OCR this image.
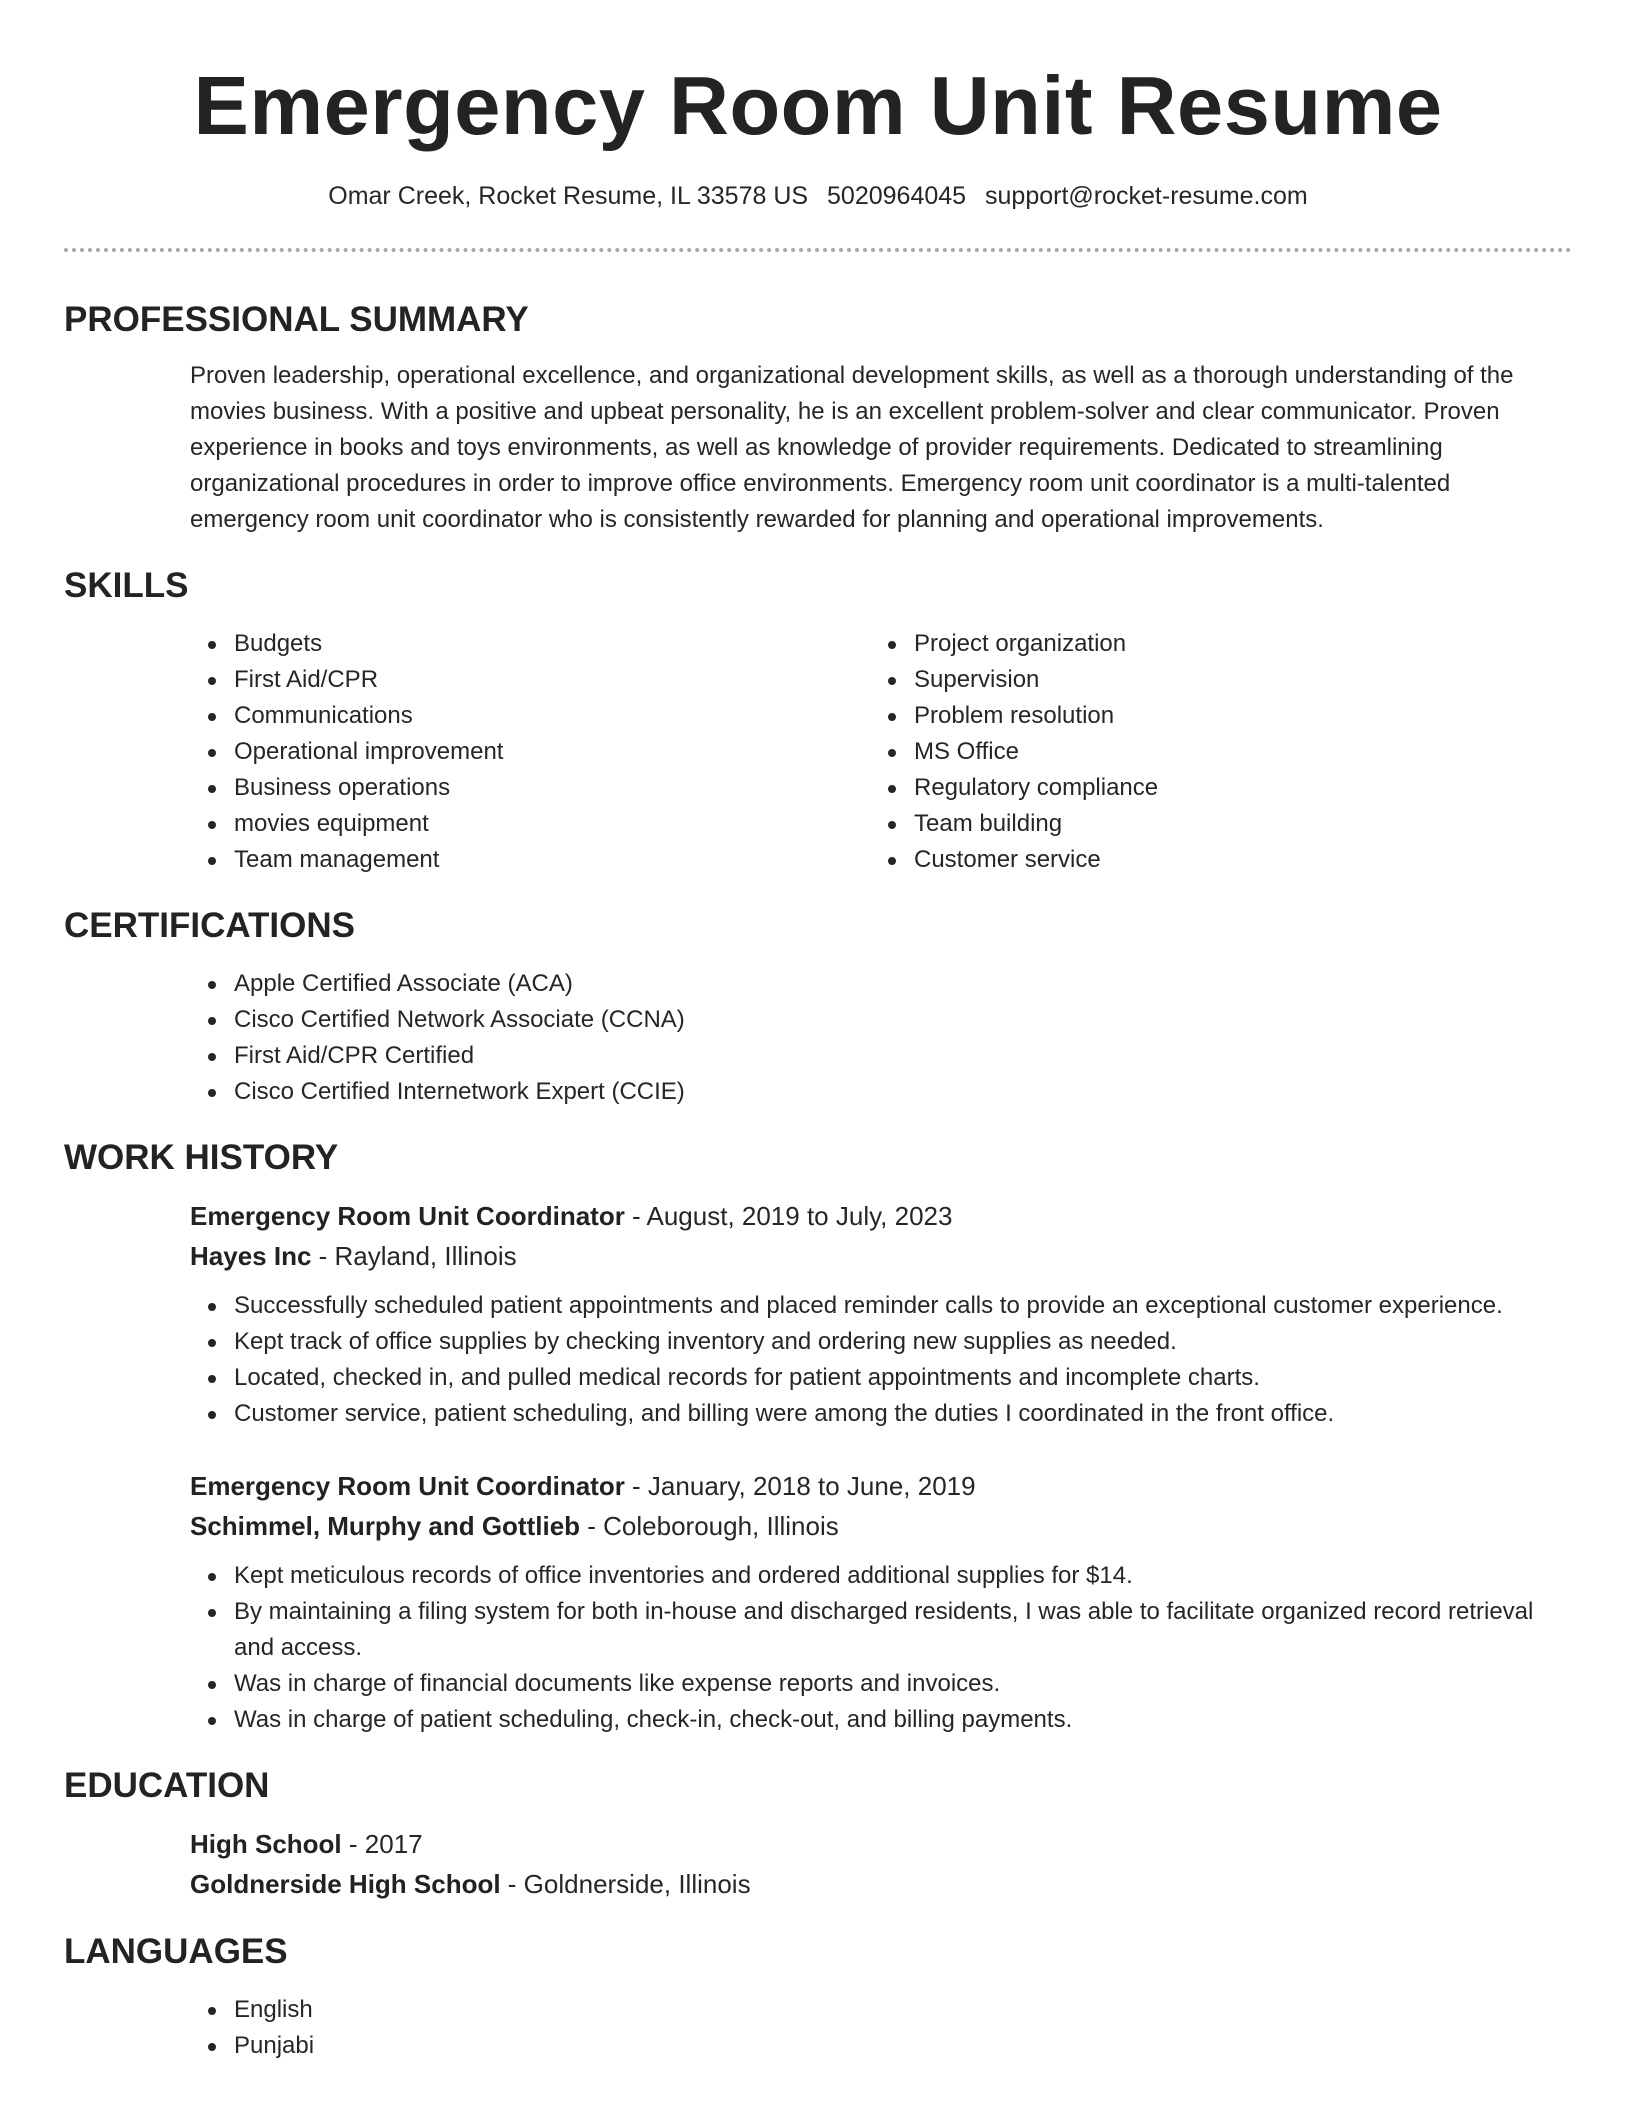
Emergency Room Unit Resume
Omar Creek, Rocket Resume, IL 33578 US 5020964045 support@rocket-resume.com
PROFESSIONAL SUMMARY

Proven leadership, operational excellence, and organizational development skills, as well as a thorough understanding of the movies business. With a positive and upbeat personality, he is an excellent problem-solver and clear communicator. Proven experience in books and toys environments, as well as knowledge of provider requirements. Dedicated to streamlining organizational procedures in order to improve office environments. Emergency room unit coordinator is a multi-talented emergency room unit coordinator who is consistently rewarded for planning and operational improvements.

SKILLS
Budgets
First Aid/CPR
Communications
Operational improvement
Business operations
movies equipment
Team management
Project organization
Supervision
Problem resolution
MS Office
Regulatory compliance
Team building
Customer service
CERTIFICATIONS
Apple Certified Associate (ACA)
Cisco Certified Network Associate (CCNA)
First Aid/CPR Certified
Cisco Certified Internetwork Expert (CCIE)
WORK HISTORY
Emergency Room Unit Coordinator - August, 2019 to July, 2023
Hayes Inc - Rayland, Illinois
Successfully scheduled patient appointments and placed reminder calls to provide an exceptional customer experience.
Kept track of office supplies by checking inventory and ordering new supplies as needed.
Located, checked in, and pulled medical records for patient appointments and incomplete charts.
Customer service, patient scheduling, and billing were among the duties I coordinated in the front office.
Emergency Room Unit Coordinator - January, 2018 to June, 2019
Schimmel, Murphy and Gottlieb - Coleborough, Illinois
Kept meticulous records of office inventories and ordered additional supplies for $14.
By maintaining a filing system for both in-house and discharged residents, I was able to facilitate organized record retrieval and access.
Was in charge of financial documents like expense reports and invoices.
Was in charge of patient scheduling, check-in, check-out, and billing payments.
EDUCATION
High School - 2017
Goldnerside High School - Goldnerside, Illinois
LANGUAGES
English
Punjabi
